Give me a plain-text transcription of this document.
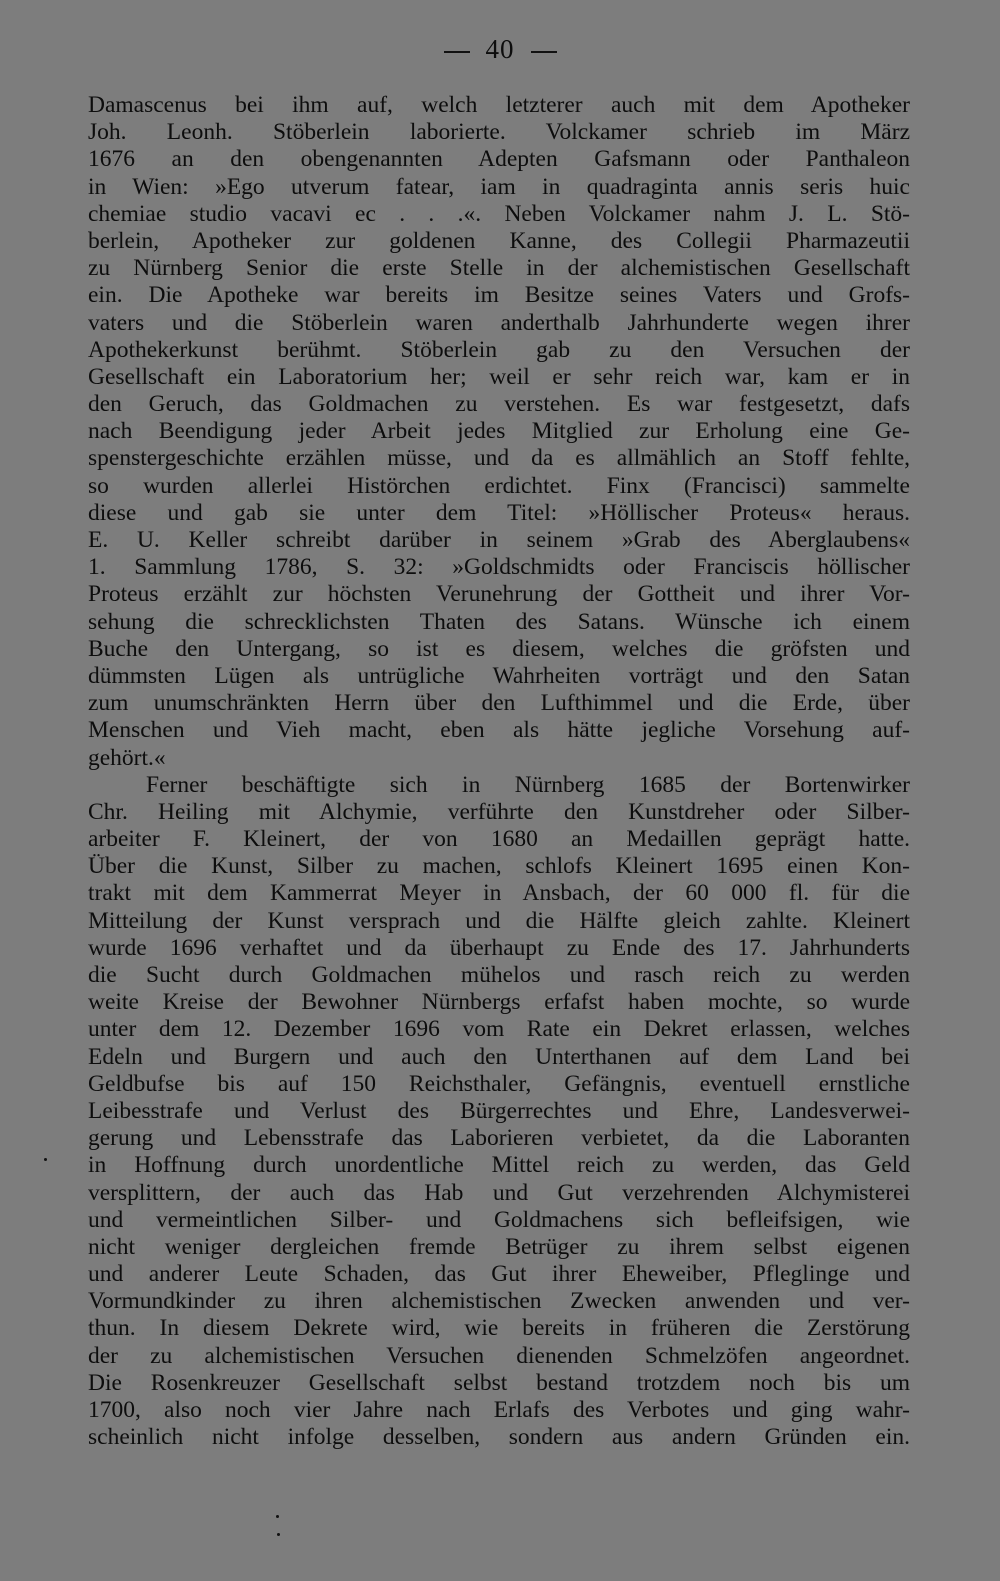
40
Damascenus bei ihm auf, welch letzterer auch mit dem Apotheker
Joh. Leonh. Stöberlein laborierte. Volckamer schrieb im März
1676 an den obengenannten Adepten Gafsmann oder Panthaleon
in Wien: »Ego utverum fatear, iam in quadraginta annis seris huic
chemiae studio vacavi ec . . .«. Neben Volckamer nahm J. L. Stö-
berlein, Apotheker zur goldenen Kanne, des Collegii Pharmazeutii
zu Nürnberg Senior die erste Stelle in der alchemistischen Gesellschaft
ein. Die Apotheke war bereits im Besitze seines Vaters und Grofs-
vaters und die Stöberlein waren anderthalb Jahrhunderte wegen ihrer
Apothekerkunst berühmt. Stöberlein gab zu den Versuchen der
Gesellschaft ein Laboratorium her; weil er sehr reich war, kam er in
den Geruch, das Goldmachen zu verstehen. Es war festgesetzt, dafs
nach Beendigung jeder Arbeit jedes Mitglied zur Erholung eine Ge-
spenstergeschichte erzählen müsse, und da es allmählich an Stoff fehlte,
so wurden allerlei Histörchen erdichtet. Finx (Francisci) sammelte
diese und gab sie unter dem Titel: »Höllischer Proteus« heraus.
E. U. Keller schreibt darüber in seinem »Grab des Aberglaubens«
1. Sammlung 1786, S. 32: »Goldschmidts oder Franciscis höllischer
Proteus erzählt zur höchsten Verunehrung der Gottheit und ihrer Vor-
sehung die schrecklichsten Thaten des Satans. Wünsche ich einem
Buche den Untergang, so ist es diesem, welches die gröfsten und
dümmsten Lügen als untrügliche Wahrheiten vorträgt und den Satan
zum unumschränkten Herrn über den Lufthimmel und die Erde, über
Menschen und Vieh macht, eben als hätte jegliche Vorsehung auf-
gehört.«
Ferner beschäftigte sich in Nürnberg 1685 der Bortenwirker
Chr. Heiling mit Alchymie, verführte den Kunstdreher oder Silber-
arbeiter F. Kleinert, der von 1680 an Medaillen geprägt hatte.
Über die Kunst, Silber zu machen, schlofs Kleinert 1695 einen Kon-
trakt mit dem Kammerrat Meyer in Ansbach, der 60 000 fl. für die
Mitteilung der Kunst versprach und die Hälfte gleich zahlte. Kleinert
wurde 1696 verhaftet und da überhaupt zu Ende des 17. Jahrhunderts
die Sucht durch Goldmachen mühelos und rasch reich zu werden
weite Kreise der Bewohner Nürnbergs erfafst haben mochte, so wurde
unter dem 12. Dezember 1696 vom Rate ein Dekret erlassen, welches
Edeln und Burgern und auch den Unterthanen auf dem Land bei
Geldbufse bis auf 150 Reichsthaler, Gefängnis, eventuell ernstliche
Leibesstrafe und Verlust des Bürgerrechtes und Ehre, Landesverwei-
gerung und Lebensstrafe das Laborieren verbietet, da die Laboranten
in Hoffnung durch unordentliche Mittel reich zu werden, das Geld
versplittern, der auch das Hab und Gut verzehrenden Alchymisterei
und vermeintlichen Silber- und Goldmachens sich befleifsigen, wie
nicht weniger dergleichen fremde Betrüger zu ihrem selbst eigenen
und anderer Leute Schaden, das Gut ihrer Eheweiber, Pfleglinge und
Vormundkinder zu ihren alchemistischen Zwecken anwenden und ver-
thun. In diesem Dekrete wird, wie bereits in früheren die Zerstörung
der zu alchemistischen Versuchen dienenden Schmelzöfen angeordnet.
Die Rosenkreuzer Gesellschaft selbst bestand trotzdem noch bis um
1700, also noch vier Jahre nach Erlafs des Verbotes und ging wahr-
scheinlich nicht infolge desselben, sondern aus andern Gründen ein.
